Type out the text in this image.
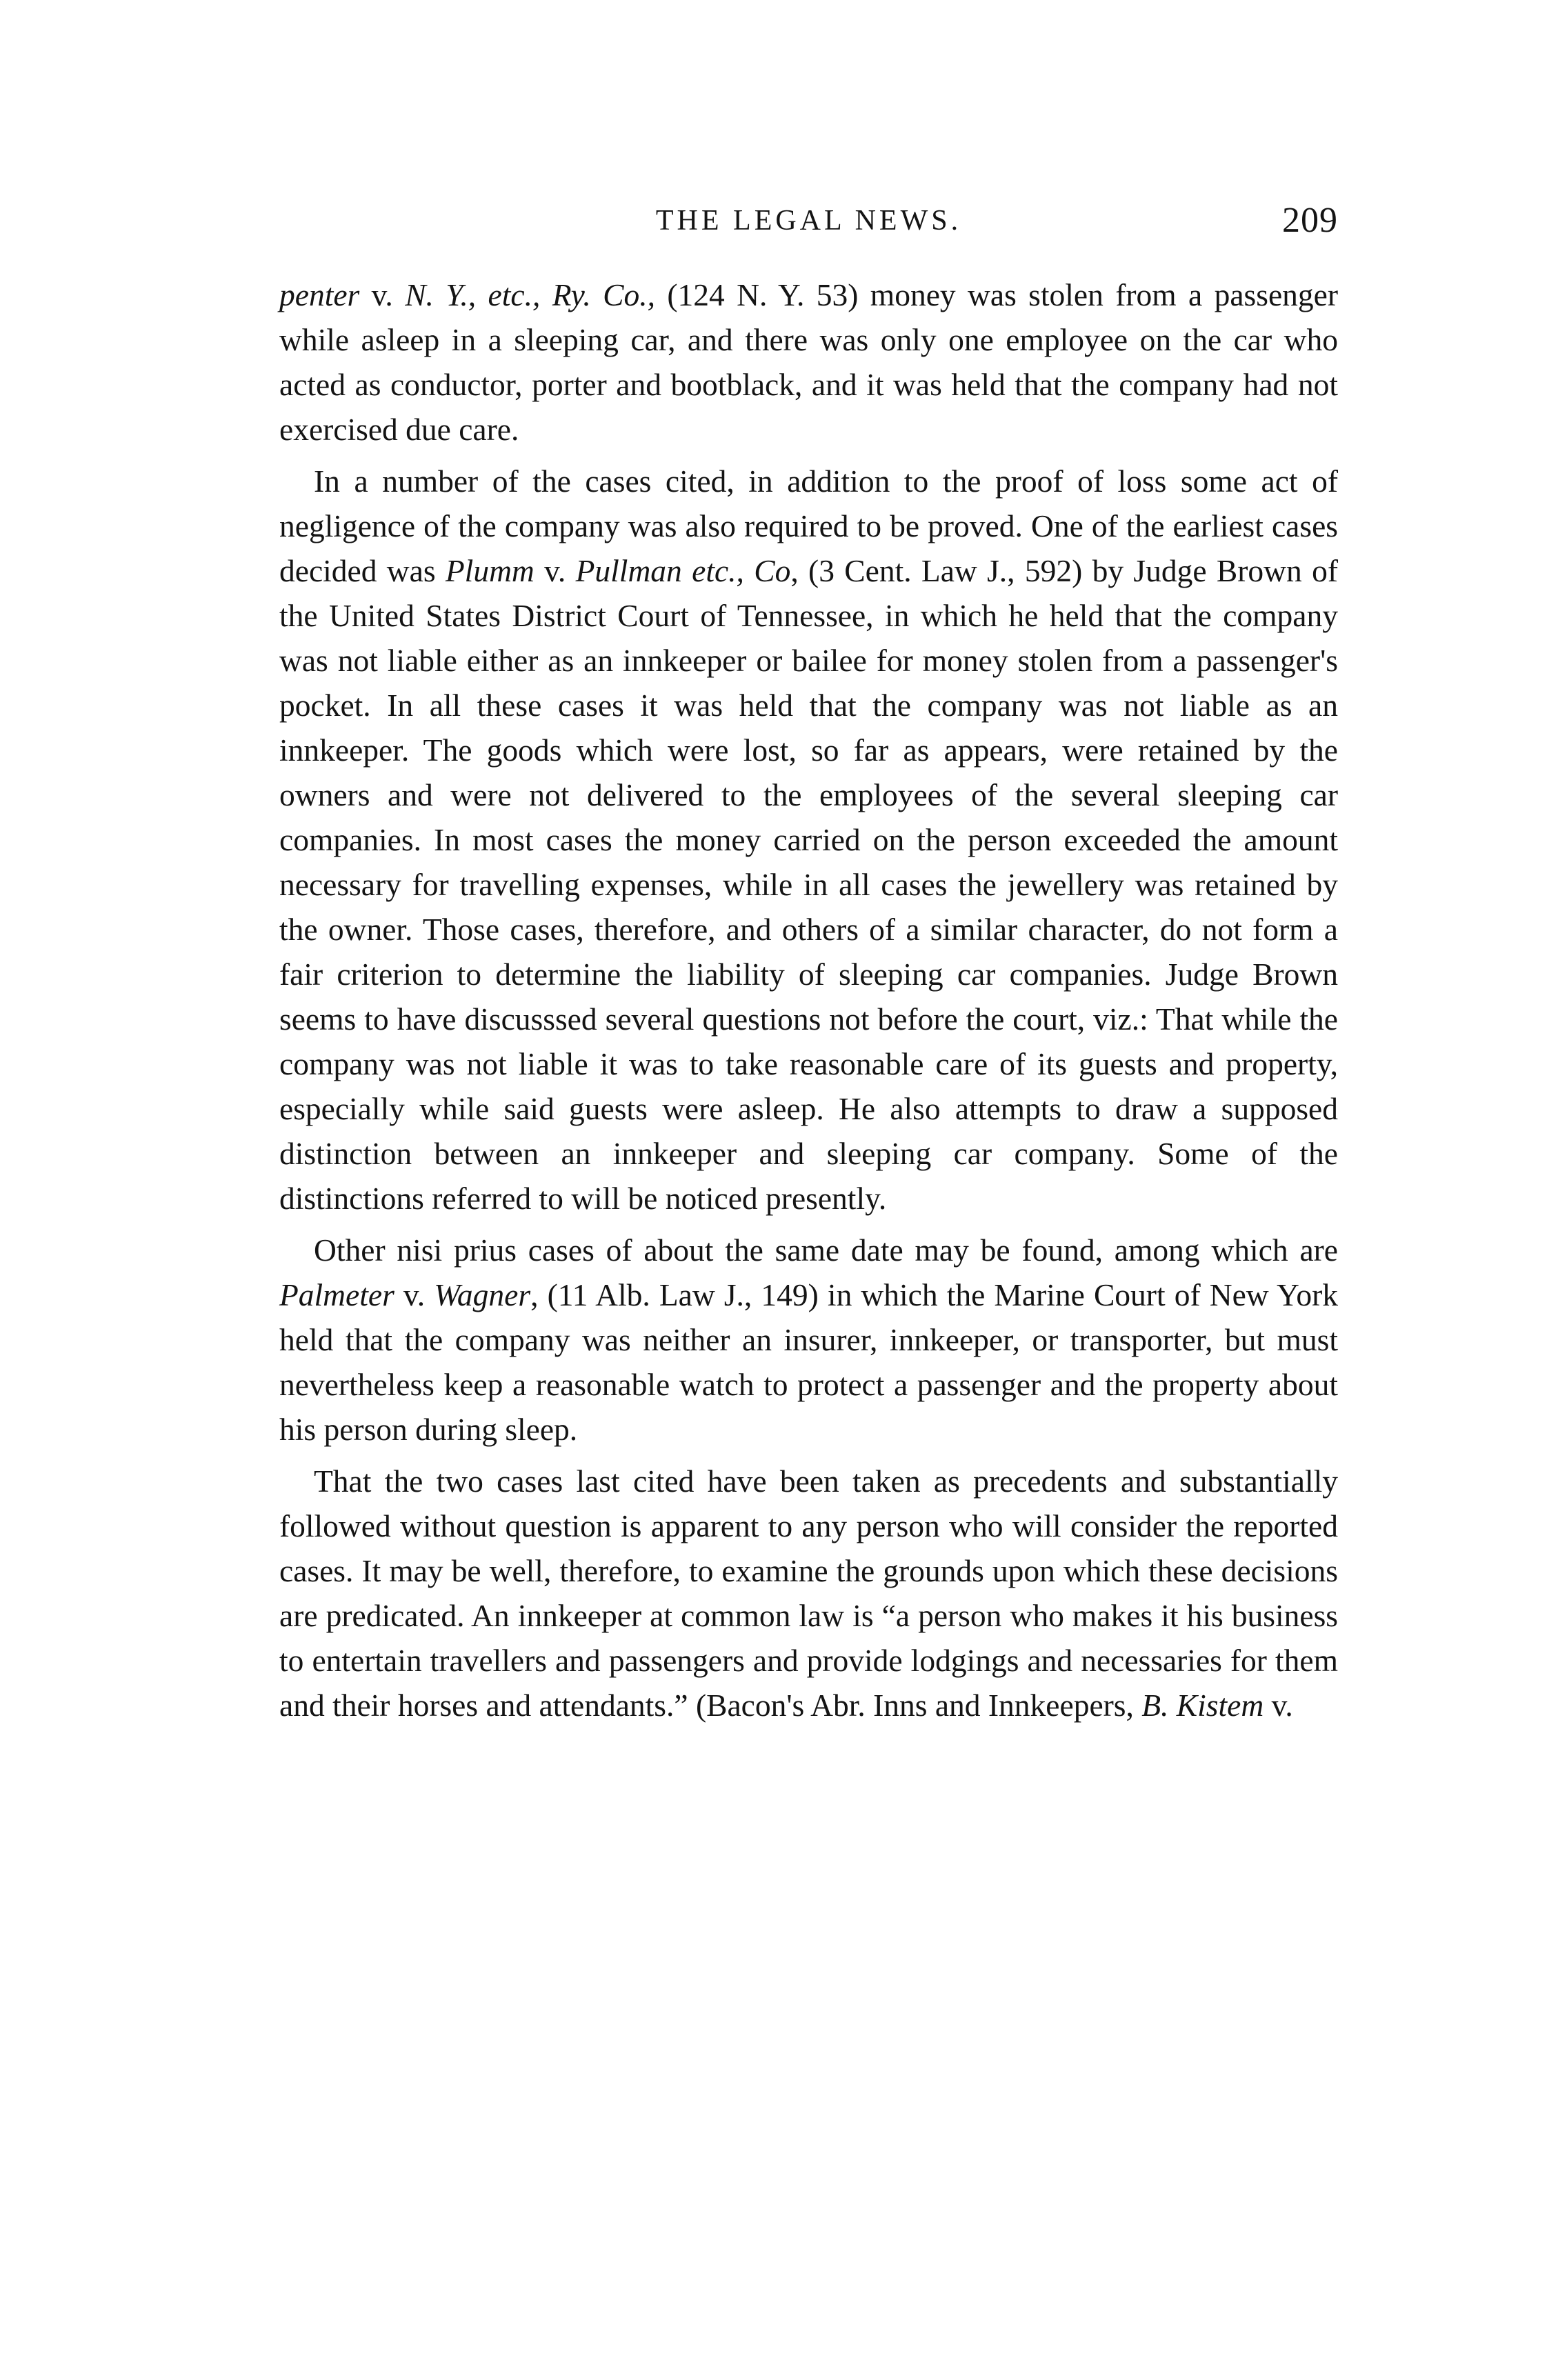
THE LEGAL NEWS.	209

penter v. N. Y., etc., Ry. Co., (124 N. Y. 53) money was stolen from a passenger while asleep in a sleeping car, and there was only one employee on the car who acted as conductor, porter and bootblack, and it was held that the company had not exercised due care.

In a number of the cases cited, in addition to the proof of loss some act of negligence of the company was also required to be proved. One of the earliest cases decided was Plumm v. Pullman etc., Co, (3 Cent. Law J., 592) by Judge Brown of the United States District Court of Tennessee, in which he held that the company was not liable either as an innkeeper or bailee for money stolen from a passenger's pocket. In all these cases it was held that the company was not liable as an innkeeper. The goods which were lost, so far as appears, were retained by the owners and were not delivered to the employees of the several sleeping car companies. In most cases the money carried on the person exceeded the amount necessary for travelling expenses, while in all cases the jewellery was retained by the owner. Those cases, therefore, and others of a similar character, do not form a fair criterion to determine the liability of sleeping car companies. Judge Brown seems to have discusssed several questions not before the court, viz.: That while the company was not liable it was to take reasonable care of its guests and property, especially while said guests were asleep. He also attempts to draw a supposed distinction between an innkeeper and sleeping car company. Some of the distinctions referred to will be noticed presently.

Other nisi prius cases of about the same date may be found, among which are Palmeter v. Wagner, (11 Alb. Law J., 149) in which the Marine Court of New York held that the company was neither an insurer, innkeeper, or transporter, but must nevertheless keep a reasonable watch to protect a passenger and the property about his person during sleep.

That the two cases last cited have been taken as precedents and substantially followed without question is apparent to any person who will consider the reported cases. It may be well, therefore, to examine the grounds upon which these decisions are predicated. An innkeeper at common law is “a person who makes it his business to entertain travellers and passengers and provide lodgings and necessaries for them and their horses and attendants.” (Bacon's Abr. Inns and Innkeepers, B. Kistem v.
